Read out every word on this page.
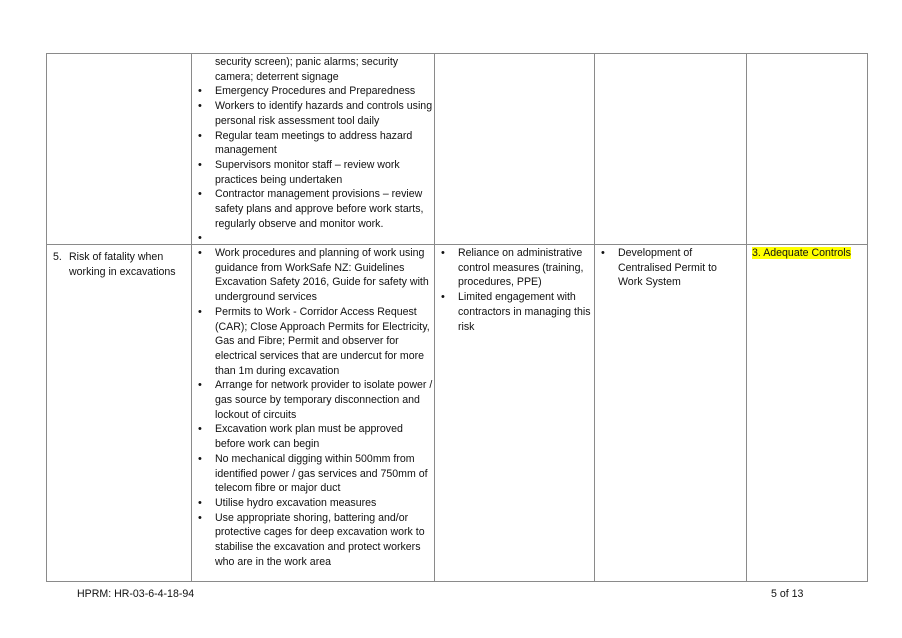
security screen); panic alarms; security camera; deterrent signage
• Emergency Procedures and Preparedness
• Workers to identify hazards and controls using personal risk assessment tool daily
• Regular team meetings to address hazard management
• Supervisors monitor staff – review work practices being undertaken
• Contractor management provisions – review safety plans and approve before work starts, regularly observe and monitor work.
•
5. Risk of fatality when working in excavations
• Work procedures and planning of work using guidance from WorkSafe NZ: Guidelines Excavation Safety 2016, Guide for safety with underground services
• Permits to Work - Corridor Access Request (CAR); Close Approach Permits for Electricity, Gas and Fibre; Permit and observer for electrical services that are undercut for more than 1m during excavation
• Arrange for network provider to isolate power / gas source by temporary disconnection and lockout of circuits
• Excavation work plan must be approved before work can begin
• No mechanical digging within 500mm from identified power / gas services and 750mm of telecom fibre or major duct
• Utilise hydro excavation measures
• Use appropriate shoring, battering and/or protective cages for deep excavation work to stabilise the excavation and protect workers who are in the work area
• Reliance on administrative control measures (training, procedures, PPE)
• Limited engagement with contractors in managing this risk
• Development of Centralised Permit to Work System
3. Adequate Controls
HPRM: HR-03-6-4-18-94	5 of 13
